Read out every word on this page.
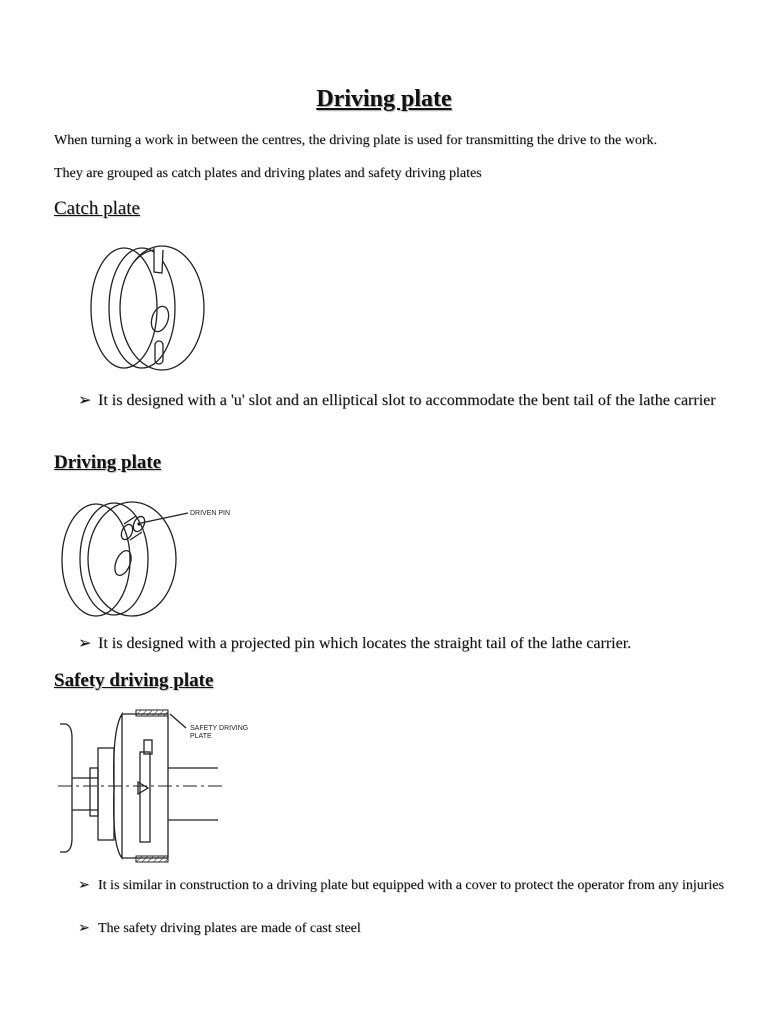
Driving plate
When turning a work in between the centres, the driving plate is used for transmitting the drive to the work.
They are grouped as catch plates and driving plates and safety driving plates
Catch plate
➢ It is designed with a 'u' slot and an elliptical slot to accommodate the bent tail of the lathe carrier
Driving plate
DRIVEN PIN
➢ It is designed with a projected pin which locates the straight tail of the lathe carrier.
Safety driving plate
SAFETY DRIVING
PLATE
➢ It is similar in construction to a driving plate but equipped with a cover to protect the operator from any injuries
➢ The safety driving plates are made of cast steel
